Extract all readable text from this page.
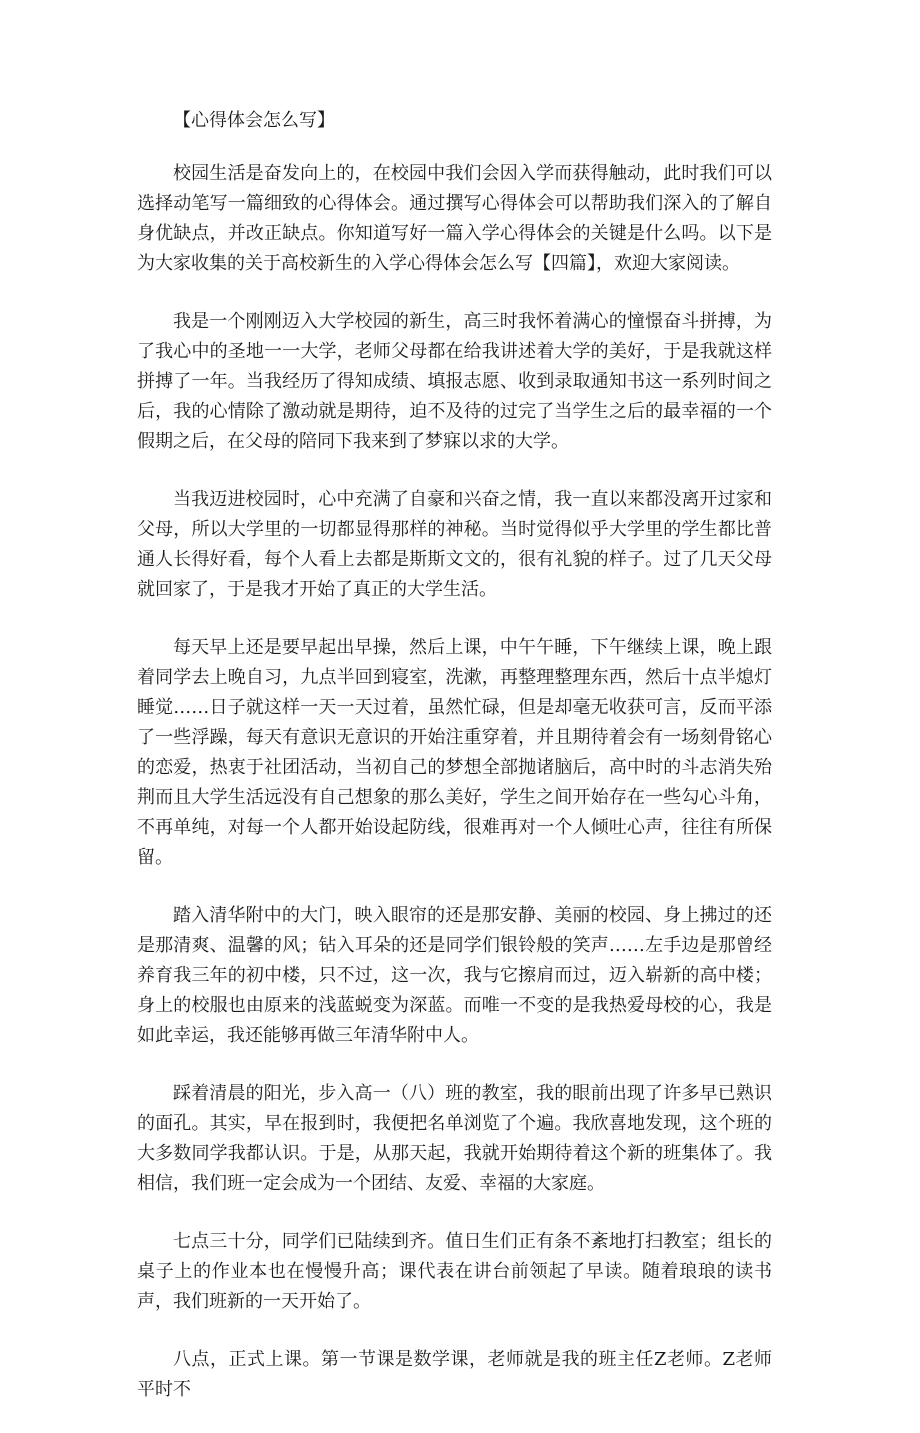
【心得体会怎么写】

校园生活是奋发向上的，在校园中我们会因入学而获得触动，此时我们可以选择动笔写一篇细致的心得体会。通过撰写心得体会可以帮助我们深入的了解自身优缺点，并改正缺点。你知道写好一篇入学心得体会的关键是什么吗。以下是为大家收集的关于高校新生的入学心得体会怎么写【四篇】，欢迎大家阅读。

我是一个刚刚迈入大学校园的新生，高三时我怀着满心的憧憬奋斗拼搏，为了我心中的圣地一一大学，老师父母都在给我讲述着大学的美好，于是我就这样拼搏了一年。当我经历了得知成绩、填报志愿、收到录取通知书这一系列时间之后，我的心情除了激动就是期待，迫不及待的过完了当学生之后的最幸福的一个假期之后，在父母的陪同下我来到了梦寐以求的大学。

当我迈进校园时，心中充满了自豪和兴奋之情，我一直以来都没离开过家和父母，所以大学里的一切都显得那样的神秘。当时觉得似乎大学里的学生都比普通人长得好看，每个人看上去都是斯斯文文的，很有礼貌的样子。过了几天父母就回家了，于是我才开始了真正的大学生活。

每天早上还是要早起出早操，然后上课，中午午睡，下午继续上课，晚上跟着同学去上晚自习，九点半回到寝室，洗漱，再整理整理东西，然后十点半熄灯睡觉……日子就这样一天一天过着，虽然忙碌，但是却毫无收获可言，反而平添了一些浮躁，每天有意识无意识的开始注重穿着，并且期待着会有一场刻骨铭心的恋爱，热衷于社团活动，当初自己的梦想全部抛诸脑后，高中时的斗志消失殆荆而且大学生活远没有自己想象的那么美好，学生之间开始存在一些勾心斗角，不再单纯，对每一个人都开始设起防线，很难再对一个人倾吐心声，往往有所保留。

踏入清华附中的大门，映入眼帘的还是那安静、美丽的校园、身上拂过的还是那清爽、温馨的风；钻入耳朵的还是同学们银铃般的笑声……左手边是那曾经养育我三年的初中楼，只不过，这一次，我与它擦肩而过，迈入崭新的高中楼；身上的校服也由原来的浅蓝蜕变为深蓝。而唯一不变的是我热爱母校的心，我是如此幸运，我还能够再做三年清华附中人。

踩着清晨的阳光，步入高一（八）班的教室，我的眼前出现了许多早已熟识的面孔。其实，早在报到时，我便把名单浏览了个遍。我欣喜地发现，这个班的大多数同学我都认识。于是，从那天起，我就开始期待着这个新的班集体了。我相信，我们班一定会成为一个团结、友爱、幸福的大家庭。

七点三十分，同学们已陆续到齐。值日生们正有条不紊地打扫教室；组长的桌子上的作业本也在慢慢升高；课代表在讲台前领起了早读。随着琅琅的读书声，我们班新的一天开始了。

八点，正式上课。第一节课是数学课，老师就是我的班主任Z老师。Z老师平时不
